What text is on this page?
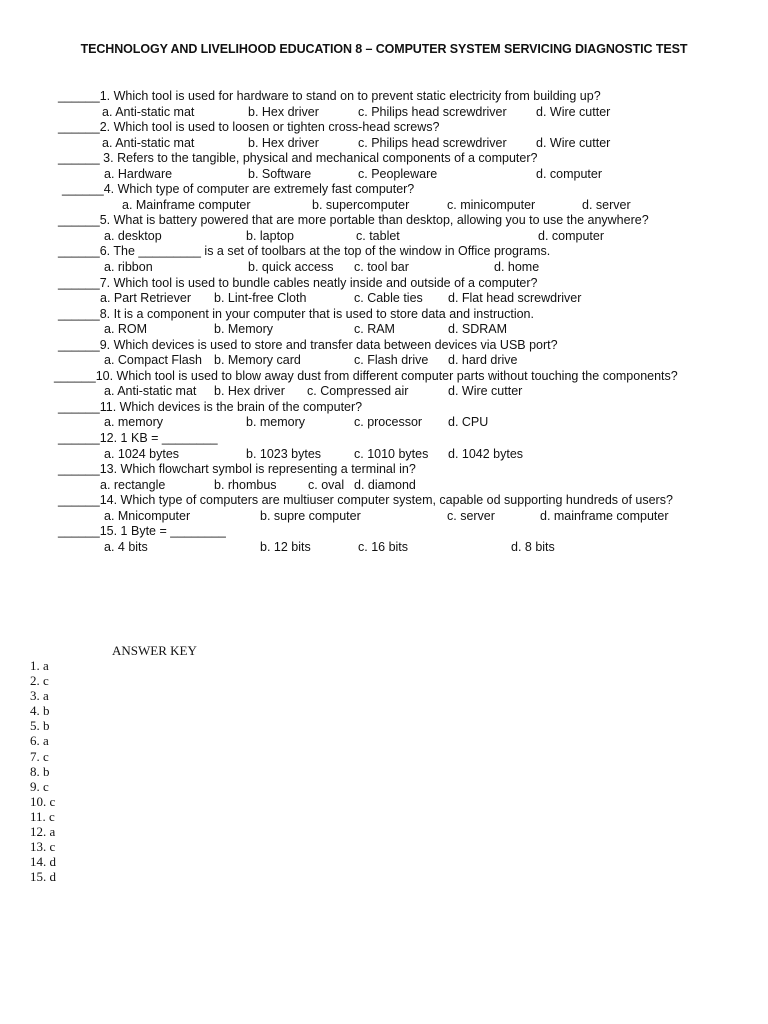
TECHNOLOGY AND LIVELIHOOD EDUCATION 8 – COMPUTER SYSTEM SERVICING DIAGNOSTIC TEST
______1. Which tool is used for hardware to stand on to prevent static electricity from building up?
a. Anti-static mat	b. Hex driver	c. Philips head screwdriver d. Wire cutter
______2. Which tool is used to loosen or tighten cross-head screws?
a. Anti-static mat	b. Hex driver	c. Philips head screwdriver d. Wire cutter
______ 3. Refers to the tangible, physical and mechanical components of a computer?
a. Hardware	b. Software	c. Peopleware	d. computer
______4. Which type of computer are extremely fast computer?
a. Mainframe computer	b. supercomputer	c. minicomputer	d. server
______5. What is battery powered that are more portable than desktop, allowing you to use the anywhere?
a. desktop	b. laptop	c. tablet	d. computer
______6. The _________ is a set of toolbars at the top of the window in Office programs.
a. ribbon	b. quick access c. tool bar	d. home
______7. Which tool is used to bundle cables neatly inside and outside of a computer?
a. Part Retriever b. Lint-free Cloth	c. Cable ties d. Flat head screwdriver
______8. It is a component in your computer that is used to store data and instruction.
a. ROM	b. Memory	c. RAM	d. SDRAM
______9. Which devices is used to store and transfer data between devices via USB port?
a. Compact Flash b. Memory card	c. Flash drive d. hard drive
______10. Which tool is used to blow away dust from different computer parts without touching the components?
a. Anti-static mat b. Hex driver c. Compressed air	d. Wire cutter
______11. Which devices is the brain of the computer?
a. memory	b. memory	c. processor d. CPU
______12. 1 KB = ________
a. 1024 bytes	b. 1023 bytes	c. 1010 bytes d. 1042 bytes
______13. Which flowchart symbol is representing a terminal in?
a. rectangle	b. rhombus	c. oval d. diamond
______14. Which type of computers are multiuser computer system, capable od supporting hundreds of users?
a. Mnicomputer	b. supre computer	c. server	d. mainframe computer
______15. 1 Byte = ________
a. 4 bits	b. 12 bits	c. 16 bits	d. 8 bits
ANSWER KEY
1. a
2. c
3. a
4. b
5. b
6. a
7. c
8. b
9. c
10. c
11. c
12. a
13. c
14. d
15. d
